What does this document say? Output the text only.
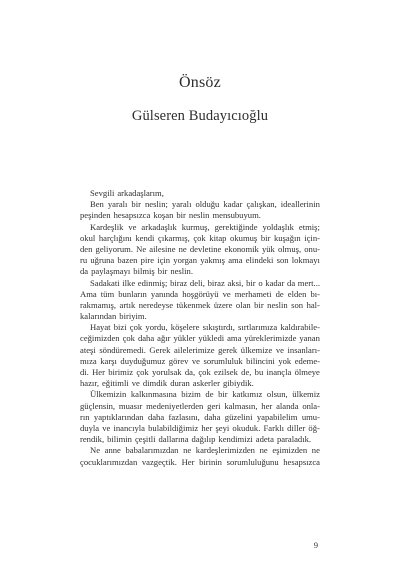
Önsöz
Gülseren Budayıcıoğlu
Sevgili arkadaşlarım,
Ben yaralı bir neslin; yaralı olduğu kadar çalışkan, ideallerinin
peşinden hesapsızca koşan bir neslin mensubuyum.
Kardeşlik ve arkadaşlık kurmuş, gerektiğinde yoldaşlık etmiş;
okul harçlığını kendi çıkarmış, çok kitap okumuş bir kuşağın için-
den geliyorum. Ne ailesine ne devletine ekonomik yük olmuş, onu-
ru uğruna bazen pire için yorgan yakmış ama elindeki son lokmayı
da paylaşmayı bilmiş bir neslin.
Sadakati ilke edinmiş; biraz deli, biraz aksi, bir o kadar da mert...
Ama tüm bunların yanında hoşgörüyü ve merhameti de elden bı-
rakmamış, artık neredeyse tükenmek üzere olan bir neslin son hal-
kalarından biriyim.
Hayat bizi çok yordu, köşelere sıkıştırdı, sırtlarımıza kaldırabile-
ceğimizden çok daha ağır yükler yükledi ama yüreklerimizde yanan
ateşi söndüremedi. Gerek ailelerimize gerek ülkemize ve insanları-
mıza karşı duyduğumuz görev ve sorumluluk bilincini yok edeme-
di. Her birimiz çok yorulsak da, çok ezilsek de, bu inançla ölmeye
hazır, eğitimli ve dimdik duran askerler gibiydik.
Ülkemizin kalkınmasına bizim de bir katkımız olsun, ülkemiz
güçlensin, muasır medeniyetlerden geri kalmasın, her alanda onla-
rın yaptıklarından daha fazlasını, daha güzelini yapabilelim umu-
duyla ve inancıyla bulabildiğimiz her şeyi okuduk. Farklı diller öğ-
rendik, bilimin çeşitli dallarına dağılıp kendimizi adeta paraladık.
Ne anne babalarımızdan ne kardeşlerimizden ne eşimizden ne
çocuklarımızdan vazgeçtik. Her birinin sorumluluğunu hesapsızca
9
